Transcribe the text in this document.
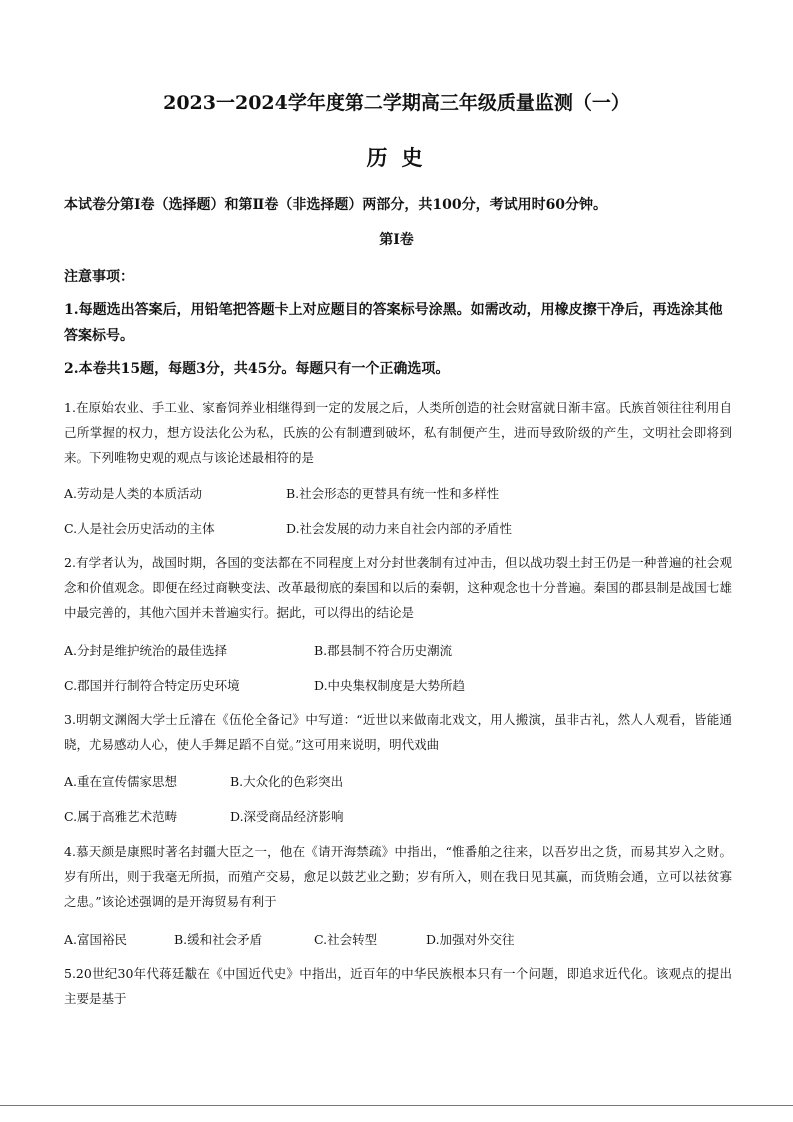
2023一2024学年度第二学期高三年级质量监测（一）
历史
本试卷分第Ⅰ卷（选择题）和第Ⅱ卷（非选择题）两部分，共100分，考试用时60分钟。
第Ⅰ卷
注意事项：
1.每题选出答案后，用铅笔把答题卡上对应题目的答案标号涂黑。如需改动，用橡皮擦干净后，再选涂其他答案标号。
2.本卷共15题，每题3分，共45分。每题只有一个正确选项。
1.在原始农业、手工业、家畜饲养业相继得到一定的发展之后，人类所创造的社会财富就日渐丰富。氏族首领往往利用自己所掌握的权力，想方设法化公为私，氏族的公有制遭到破坏，私有制便产生，进而导致阶级的产生，文明社会即将到来。下列唯物史观的观点与该论述最相符的是
A.劳动是人类的本质活动	B.社会形态的更替具有统一性和多样性
C.人是社会历史活动的主体	D.社会发展的动力来自社会内部的矛盾性
2.有学者认为，战国时期，各国的变法都在不同程度上对分封世袭制有过冲击，但以战功裂土封王仍是一种普遍的社会观念和价值观念。即便在经过商鞅变法、改革最彻底的秦国和以后的秦朝，这种观念也十分普遍。秦国的郡县制是战国七雄中最完善的，其他六国并未普遍实行。据此，可以得出的结论是
A.分封是维护统治的最佳选择	B.郡县制不符合历史潮流
C.郡国并行制符合特定历史环境	D.中央集权制度是大势所趋
3.明朝文渊阁大学士丘濬在《伍伦全备记》中写道：“近世以来做南北戏文，用人搬演，虽非古礼，然人人观看，皆能通晓，尤易感动人心，使人手舞足蹈不自觉。”这可用来说明，明代戏曲
A.重在宣传儒家思想	B.大众化的色彩突出
C.属于高雅艺术范畴	D.深受商品经济影响
4.慕天颜是康熙时著名封疆大臣之一，他在《请开海禁疏》中指出，“惟番舶之往来，以吾岁出之货，而易其岁入之财。岁有所出，则于我毫无所损，而殖产交易，愈足以鼓艺业之勤；岁有所入，则在我日见其赢，而货贿会通，立可以祛贫寡之患。”该论述强调的是开海贸易有利于
A.富国裕民	B.缓和社会矛盾	C.社会转型	D.加强对外交往
5.20世纪30年代蒋廷黻在《中国近代史》中指出，近百年的中华民族根本只有一个问题，即追求近代化。该观点的提出主要是基于
